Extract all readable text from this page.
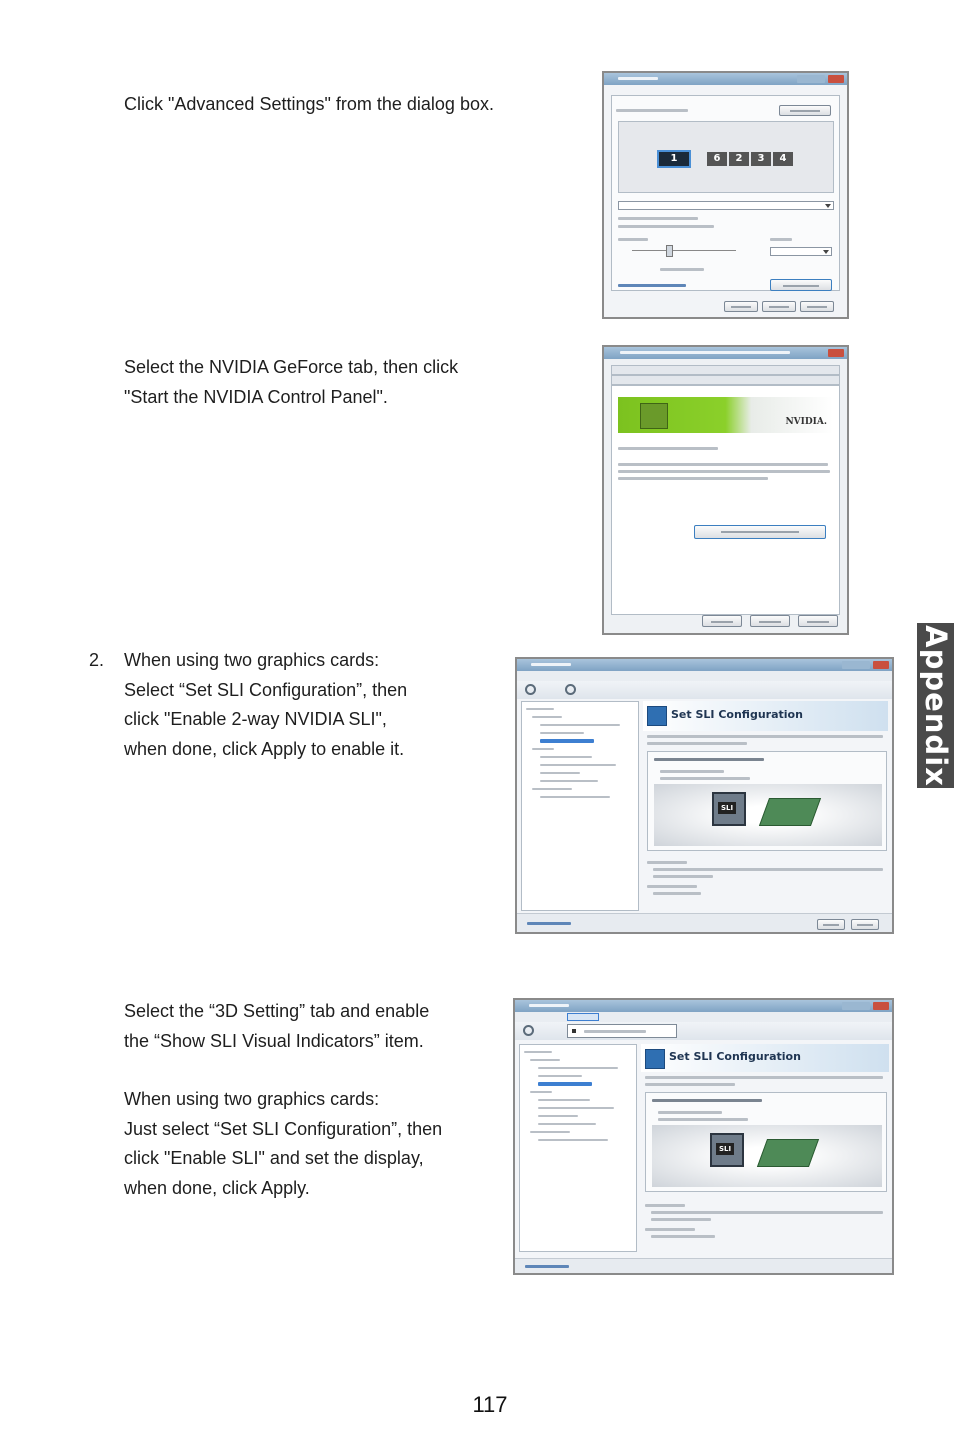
Click "Advanced Settings" from the dialog box.
Select the NVIDIA GeForce tab, then click
"Start the NVIDIA Control Panel".
2. When using two graphics cards:
Select “Set SLI Configuration”, then
click "Enable 2-way NVIDIA SLI",
when done, click Apply to enable it.
Select the “3D Setting” tab and enable
the “Show SLI Visual Indicators” item.
When using two graphics cards:
Just select “Set SLI Configuration”, then
click "Enable SLI" and set the display,
when done, click Apply.
Appendix
117
1	6	2	3	4
NVIDIA.
Set SLI Configuration
SLI
Set SLI Configuration
SLI
